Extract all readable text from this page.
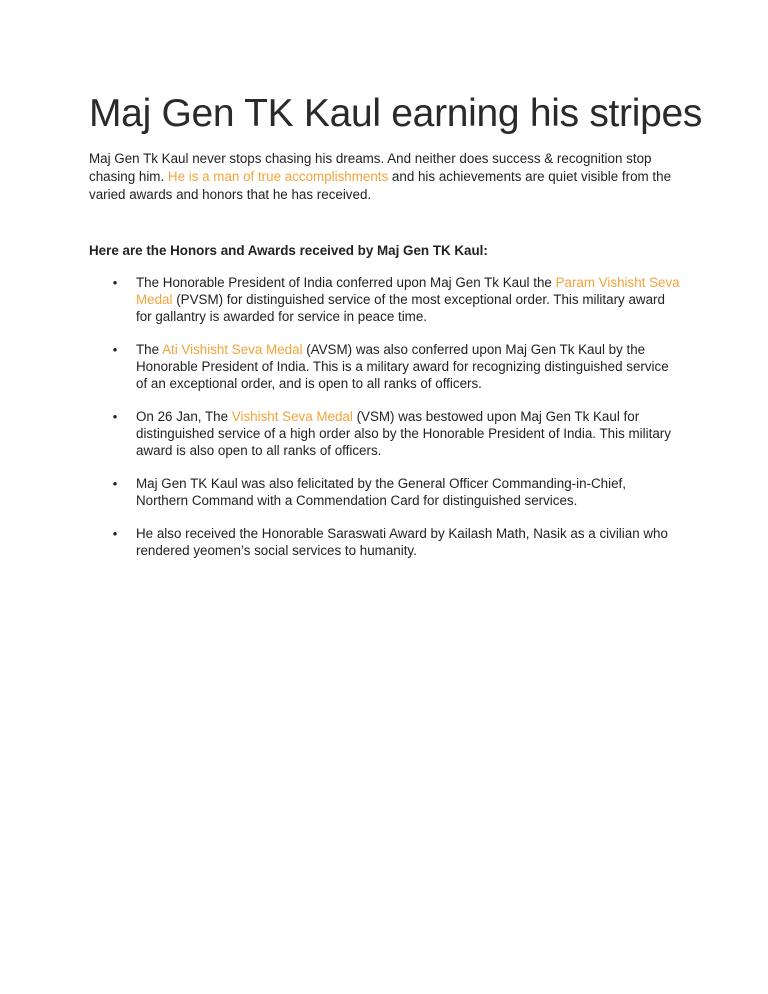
Maj Gen TK Kaul earning his stripes

Maj Gen Tk Kaul never stops chasing his dreams. And neither does success & recognition stop chasing him. He is a man of true accomplishments and his achievements are quiet visible from the varied awards and honors that he has received.

Here are the Honors and Awards received by Maj Gen TK Kaul:

• The Honorable President of India conferred upon Maj Gen Tk Kaul the Param Vishisht Seva Medal (PVSM) for distinguished service of the most exceptional order. This military award for gallantry is awarded for service in peace time.
• The Ati Vishisht Seva Medal (AVSM) was also conferred upon Maj Gen Tk Kaul by the Honorable President of India. This is a military award for recognizing distinguished service of an exceptional order, and is open to all ranks of officers.
• On 26 Jan, The Vishisht Seva Medal (VSM) was bestowed upon Maj Gen Tk Kaul for distinguished service of a high order also by the Honorable President of India. This military award is also open to all ranks of officers.
• Maj Gen TK Kaul was also felicitated by the General Officer Commanding-in-Chief, Northern Command with a Commendation Card for distinguished services.
• He also received the Honorable Saraswati Award by Kailash Math, Nasik as a civilian who rendered yeomen’s social services to humanity.
